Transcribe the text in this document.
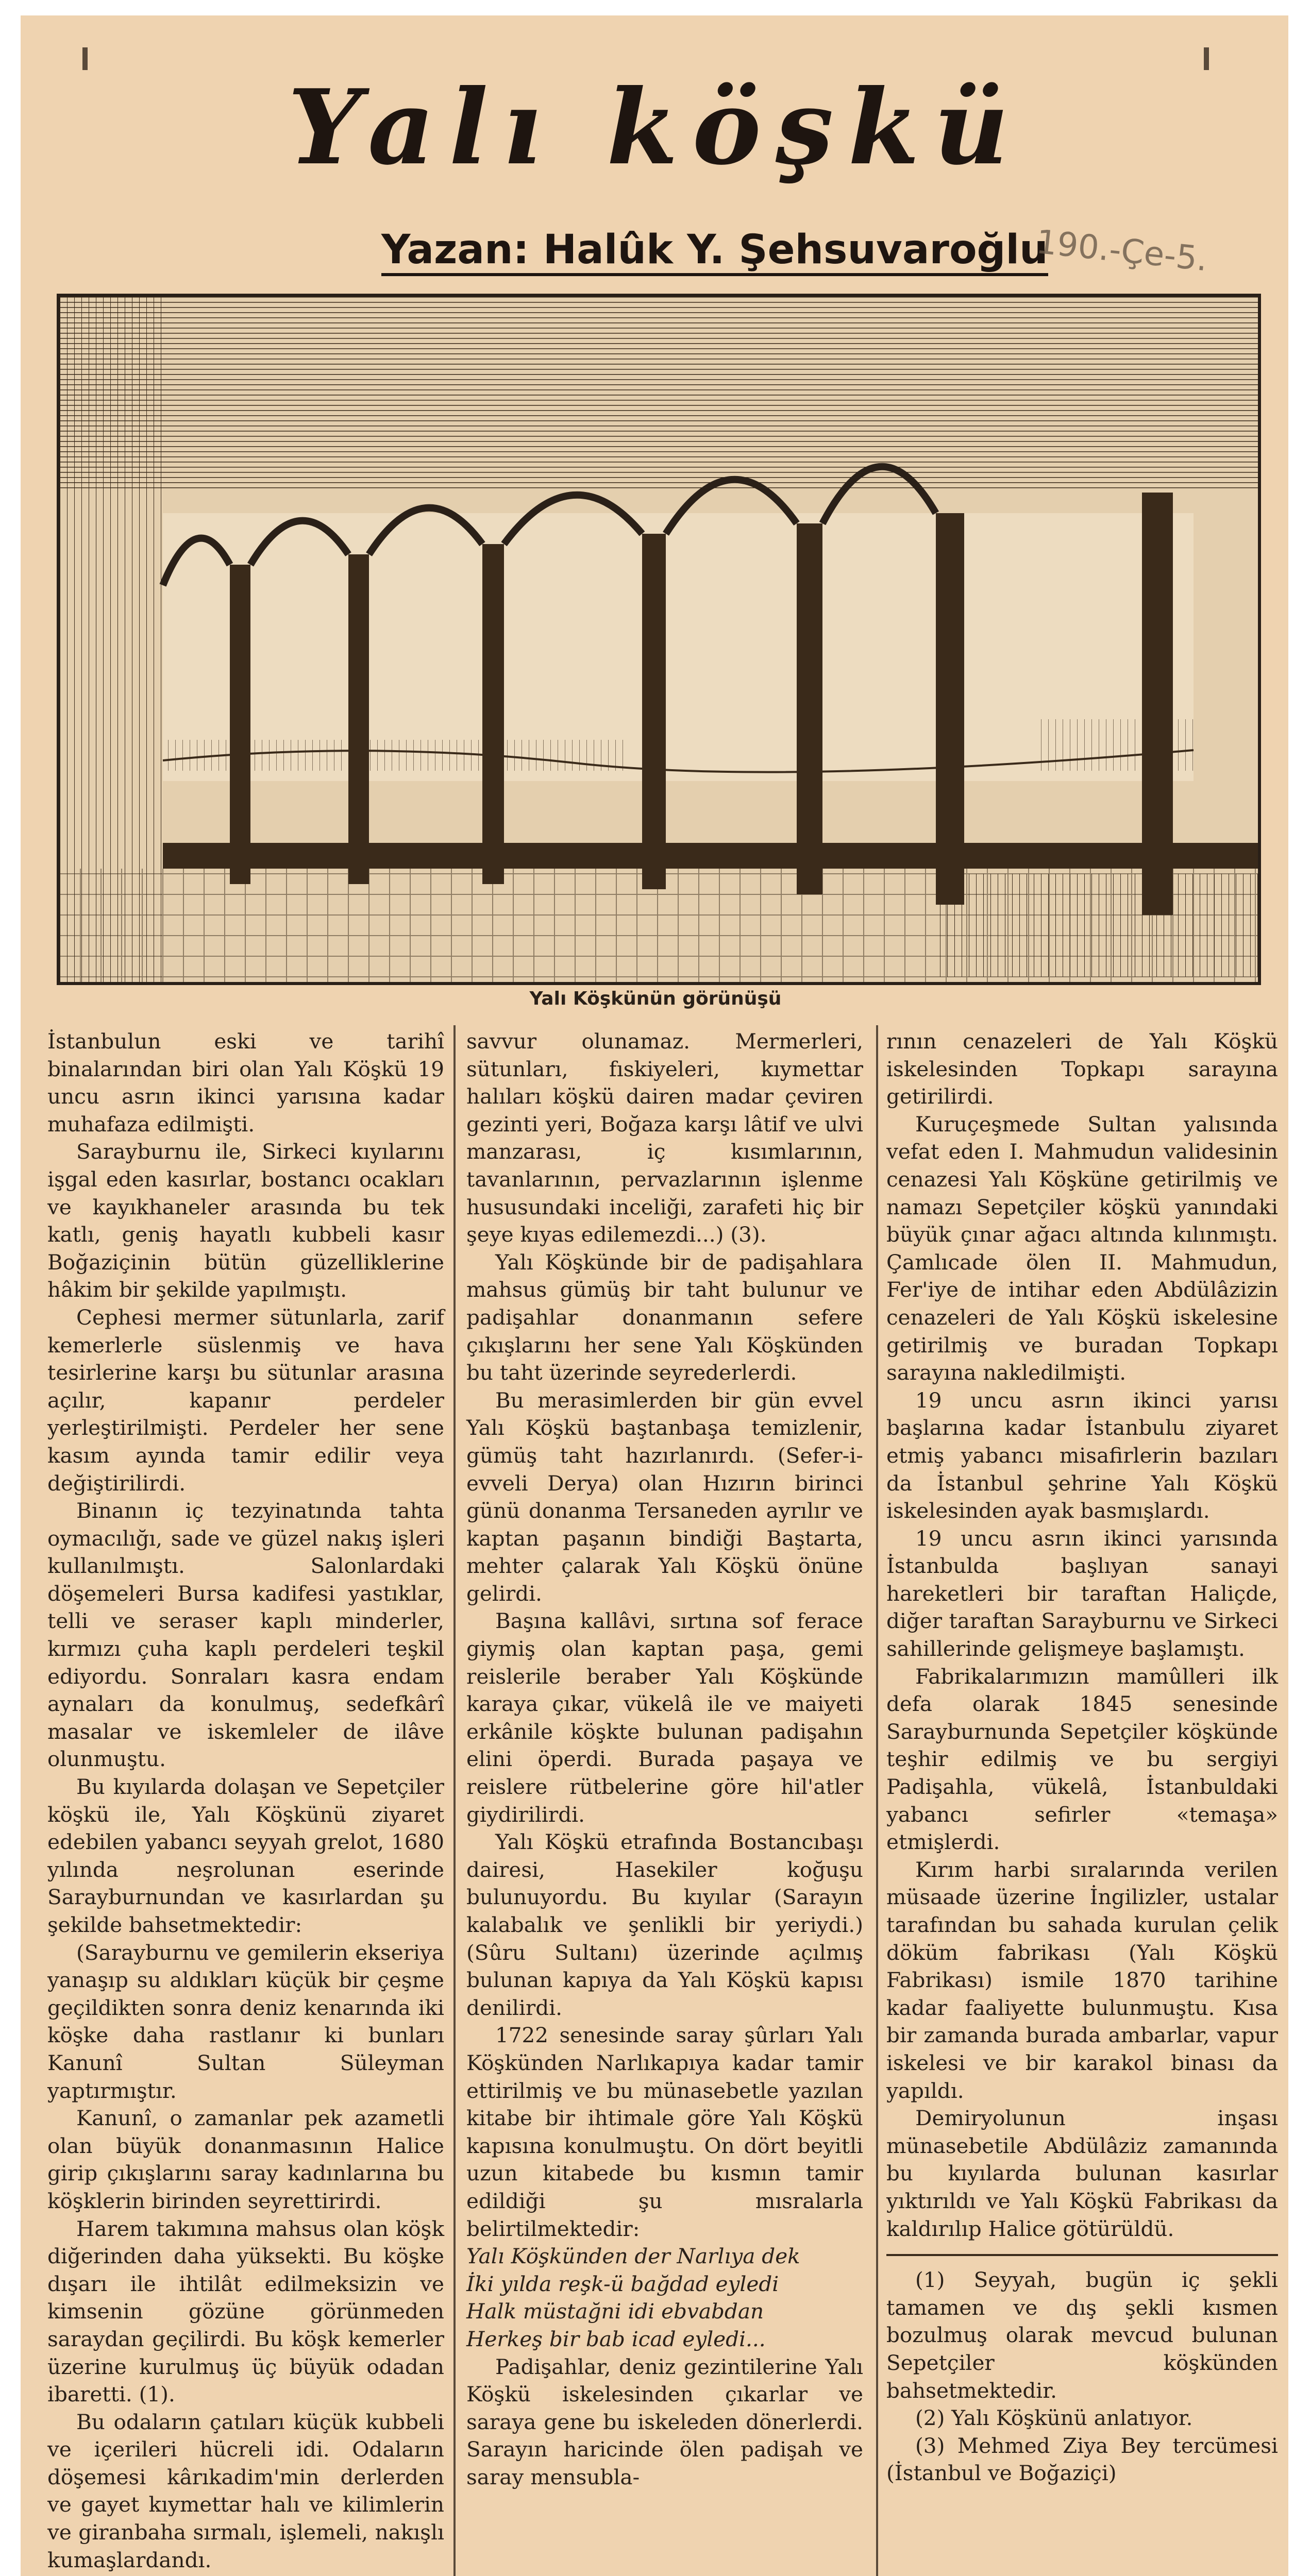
Yalı köşkü
Yazan: Halûk Y. Şehsuvaroğlu
190.-Çe-5.
Yalı Köşkünün görünüşü

İstanbulun eski ve tarihî binalarından biri olan Yalı Köşkü 19 uncu asrın ikinci yarısına kadar muhafaza edilmişti.

Sarayburnu ile, Sirkeci kıyılarını işgal eden kasırlar, bostancı ocakları ve kayıkhaneler arasında bu tek katlı, geniş hayatlı kubbeli kasır Boğaziçinin bütün güzelliklerine hâkim bir şekilde yapılmıştı.

Cephesi mermer sütunlarla, zarif kemerlerle süslenmiş ve hava tesirlerine karşı bu sütunlar arasına açılır, kapanır perdeler yerleştirilmişti. Perdeler her sene kasım ayında tamir edilir veya değiştirilirdi.

Binanın iç tezyinatında tahta oymacılığı, sade ve güzel nakış işleri kullanılmıştı. Salonlardaki döşemeleri Bursa kadifesi yastıklar, telli ve seraser kaplı minderler, kırmızı çuha kaplı perdeleri teşkil ediyordu. Sonraları kasra endam aynaları da konulmuş, sedefkârî masalar ve iskemleler de ilâve olunmuştu.

Bu kıyılarda dolaşan ve Sepetçiler köşkü ile, Yalı Köşkünü ziyaret edebilen yabancı seyyah grelot, 1680 yılında neşrolunan eserinde Sarayburnundan ve kasırlardan şu şekilde bahsetmektedir:

(Sarayburnu ve gemilerin ekseriya yanaşıp su aldıkları küçük bir çeşme geçildikten sonra deniz kenarında iki köşke daha rastlanır ki bunları Kanunî Sultan Süleyman yaptırmıştır.

Kanunî, o zamanlar pek azametli olan büyük donanmasının Halice girip çıkışlarını saray kadınlarına bu köşklerin birinden seyrettirirdi.

Harem takımına mahsus olan köşk diğerinden daha yüksekti. Bu köşke dışarı ile ihtilât edilmeksizin ve kimsenin gözüne görünmeden saraydan geçilirdi. Bu köşk kemerler üzerine kurulmuş üç büyük odadan ibaretti. (1).

Bu odaların çatıları küçük kubbeli ve içerileri hücreli idi. Odaların döşemesi kârıkadim'min derlerden ve gayet kıymettar halı ve kilimlerin ve giranbaha sırmalı, işlemeli, nakışlı kumaşlardandı.

savvur olunamaz. Mermerleri, sütunları, fıskiyeleri, kıymettar halıları köşkü dairen madar çeviren gezinti yeri, Boğaza karşı lâtif ve ulvi manzarası, iç kısımlarının, tavanlarının, pervazlarının işlenme hususundaki inceliği, zarafeti hiç bir şeye kıyas edilemezdi...) (3).

Yalı Köşkünde bir de padişahlara mahsus gümüş bir taht bulunur ve padişahlar donanmanın sefere çıkışlarını her sene Yalı Köşkünden bu taht üzerinde seyrederlerdi.

Bu merasimlerden bir gün evvel Yalı Köşkü baştanbaşa temizlenir, gümüş taht hazırlanırdı. (Sefer-i-evveli Derya) olan Hızırın birinci günü donanma Tersaneden ayrılır ve kaptan paşanın bindiği Baştarta, mehter çalarak Yalı Köşkü önüne gelirdi.

Başına kallâvi, sırtına sof ferace giymiş olan kaptan paşa, gemi reislerile beraber Yalı Köşkünde karaya çıkar, vükelâ ile ve maiyeti erkânile köşkte bulunan padişahın elini öperdi. Burada paşaya ve reislere rütbelerine göre hil'atler giydirilirdi.

Yalı Köşkü etrafında Bostancıbaşı dairesi, Hasekiler koğuşu bulunuyordu. Bu kıyılar (Sarayın kalabalık ve şenlikli bir yeriydi.) (Sûru Sultanı) üzerinde açılmış bulunan kapıya da Yalı Köşkü kapısı denilirdi.

1722 senesinde saray şûrları Yalı Köşkünden Narlıkapıya kadar tamir ettirilmiş ve bu münasebetle yazılan kitabe bir ihtimale göre Yalı Köşkü kapısına konulmuştu. On dört beyitli uzun kitabede bu kısmın tamir edildiği şu mısralarla belirtilmektedir:

Yalı Köşkünden der Narlıya dek

İki yılda reşk-ü bağdad eyledi

Halk müstağni idi ebvabdan

Herkeş bir bab icad eyledi...

Padişahlar, deniz gezintilerine Yalı Köşkü iskelesinden çıkarlar ve saraya gene bu iskeleden dönerlerdi. Sarayın haricinde ölen padişah ve saray mensubla-

rının cenazeleri de Yalı Köşkü iskelesinden Topkapı sarayına getirilirdi.

Kuruçeşmede Sultan yalısında vefat eden I. Mahmudun validesinin cenazesi Yalı Köşküne getirilmiş ve namazı Sepetçiler köşkü yanındaki büyük çınar ağacı altında kılınmıştı. Çamlıcade ölen II. Mahmudun, Fer'iye de intihar eden Abdülâzizin cenazeleri de Yalı Köşkü iskelesine getirilmiş ve buradan Topkapı sarayına nakledilmişti.

19 uncu asrın ikinci yarısı başlarına kadar İstanbulu ziyaret etmiş yabancı misafirlerin bazıları da İstanbul şehrine Yalı Köşkü iskelesinden ayak basmışlardı.

19 uncu asrın ikinci yarısında İstanbulda başlıyan sanayi hareketleri bir taraftan Haliçde, diğer taraftan Sarayburnu ve Sirkeci sahillerinde gelişmeye başlamıştı.

Fabrikalarımızın mamûlleri ilk defa olarak 1845 senesinde Sarayburnunda Sepetçiler köşkünde teşhir edilmiş ve bu sergiyi Padişahla, vükelâ, İstanbuldaki yabancı sefirler «temaşa» etmişlerdi.

Kırım harbi sıralarında verilen müsaade üzerine İngilizler, ustalar tarafından bu sahada kurulan çelik döküm fabrikası (Yalı Köşkü Fabrikası) ismile 1870 tarihine kadar faaliyette bulunmuştu. Kısa bir zamanda burada ambarlar, vapur iskelesi ve bir karakol binası da yapıldı.

Demiryolunun inşası münasebetile Abdülâziz zamanında bu kıyılarda bulunan kasırlar yıktırıldı ve Yalı Köşkü Fabrikası da kaldırılıp Halice götürüldü.

(1) Seyyah, bugün iç şekli tamamen ve dış şekli kısmen bozulmuş olarak mevcud bulunan Sepetçiler köşkünden bahsetmektedir.

(2) Yalı Köşkünü anlatıyor.

(3) Mehmed Ziya Bey tercümesi (İstanbul ve Boğaziçi)
